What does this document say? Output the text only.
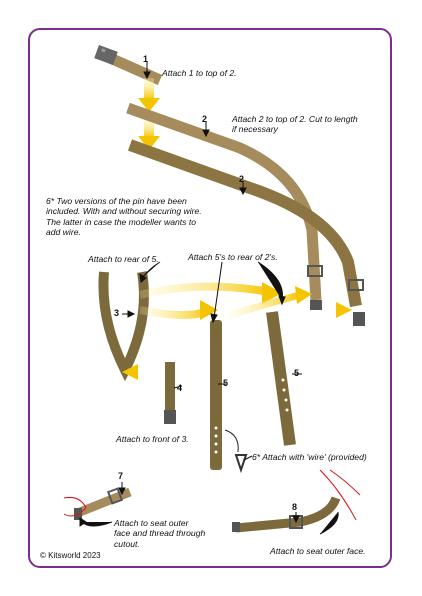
1
2
2
3
4	5
5
7
8
Attach 1 to top of 2.
Attach 2 to top of 2. Cut to length
if necessary
6* Two versions of the pin have been
included. With and without securing wire.
The latter in case the modeller wants to
add wire.
Attach to rear of 5.	Attach 5's to rear of 2's.
Attach to front of 3.
6* Attach with 'wire' (provided)
Attach to seat outer
face and thread through
cutout.
Attach to seat outer face.
© Kitsworld 2023
